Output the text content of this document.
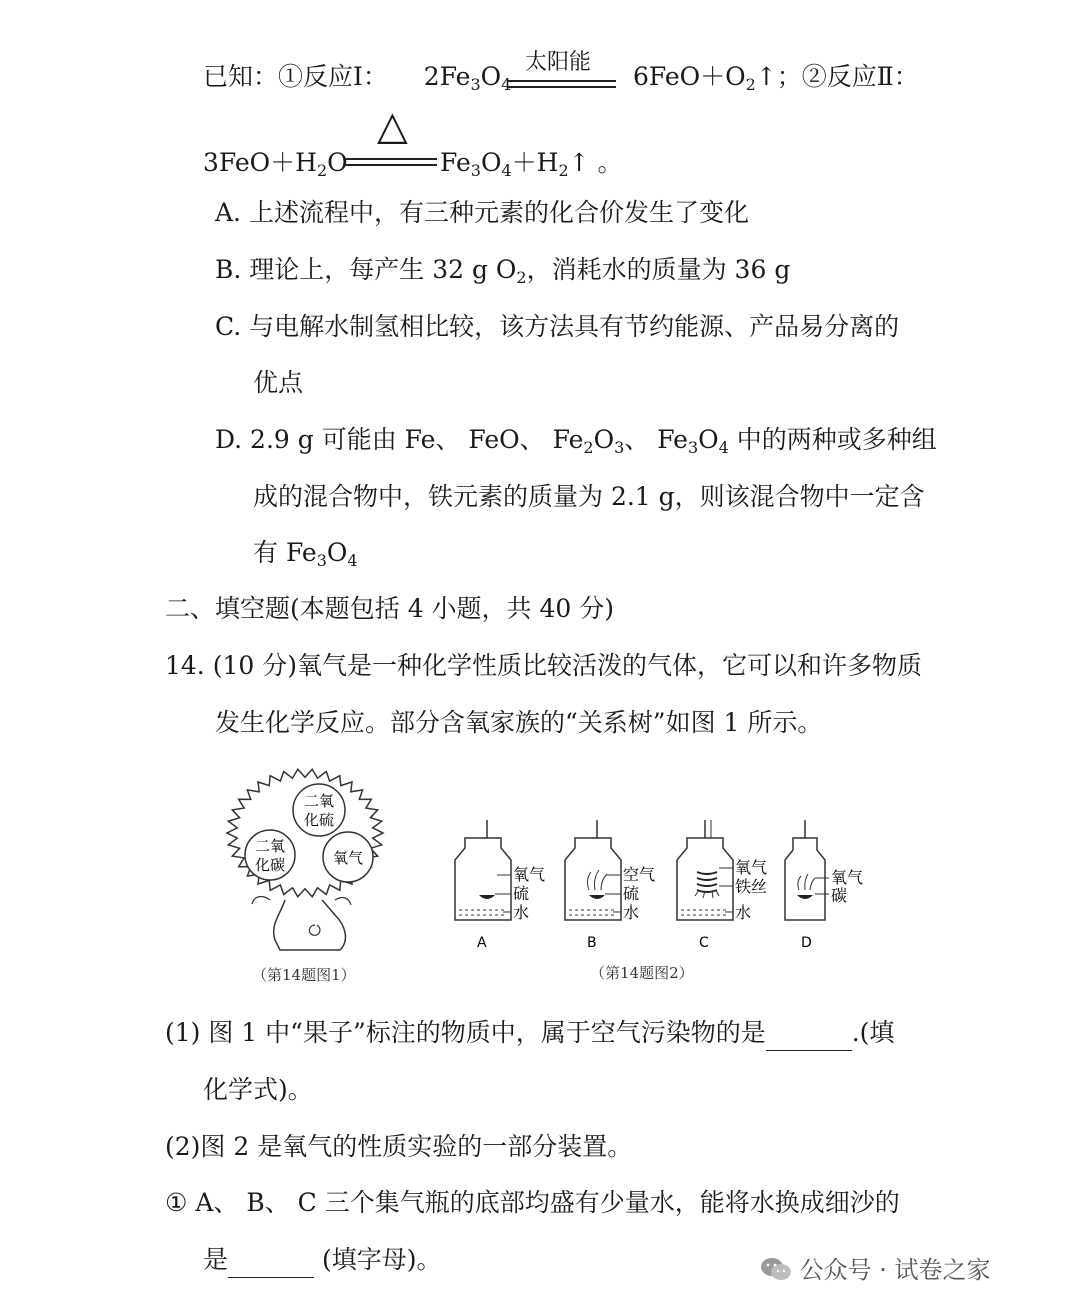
已知：①反应Ⅰ： $2Fe_3O_4$
太阳能 $6FeO+O_2↑$；②反应Ⅱ：
△
$3FeO+H_2O$	$Fe_3O_4+H_2↑$ 。
A. 上述流程中，有三种元素的化合价发生了变化
B. 理论上，每产生 32 g $O_2$，消耗水的质量为 36 g
C. 与电解水制氢相比较，该方法具有节约能源、产品易分离的
优点
D. 2.9 g 可能由 Fe、 FeO、 $Fe_2O_3$、 $Fe_3O_4$ 中的两种或多种组
成的混合物中，铁元素的质量为 2.1 g，则该混合物中一定含
有 $Fe_3O_4$
二、填空题(本题包括 4 小题，共 40 分)
14. (10 分)氧气是一种化学性质比较活泼的气体，它可以和许多物质
发生化学反应。部分含氧家族的“关系树”如图 1 所示。
二氧
化硫
二氧
化碳	氧气
（第14题图1）
氧气
硫
水
A
空气
硫
水
B
氧气
铁丝
水
C
氧气
碳
D
（第14题图2）
(1) 图 1 中“果子”标注的物质中，属于空气污染物的是	.(填
化学式)。
(2)图 2 是氧气的性质实验的一部分装置。
① A、 B、 C 三个集气瓶的底部均盛有少量水，能将水换成细沙的
是	(填字母)。	公众号 · 试卷之家
